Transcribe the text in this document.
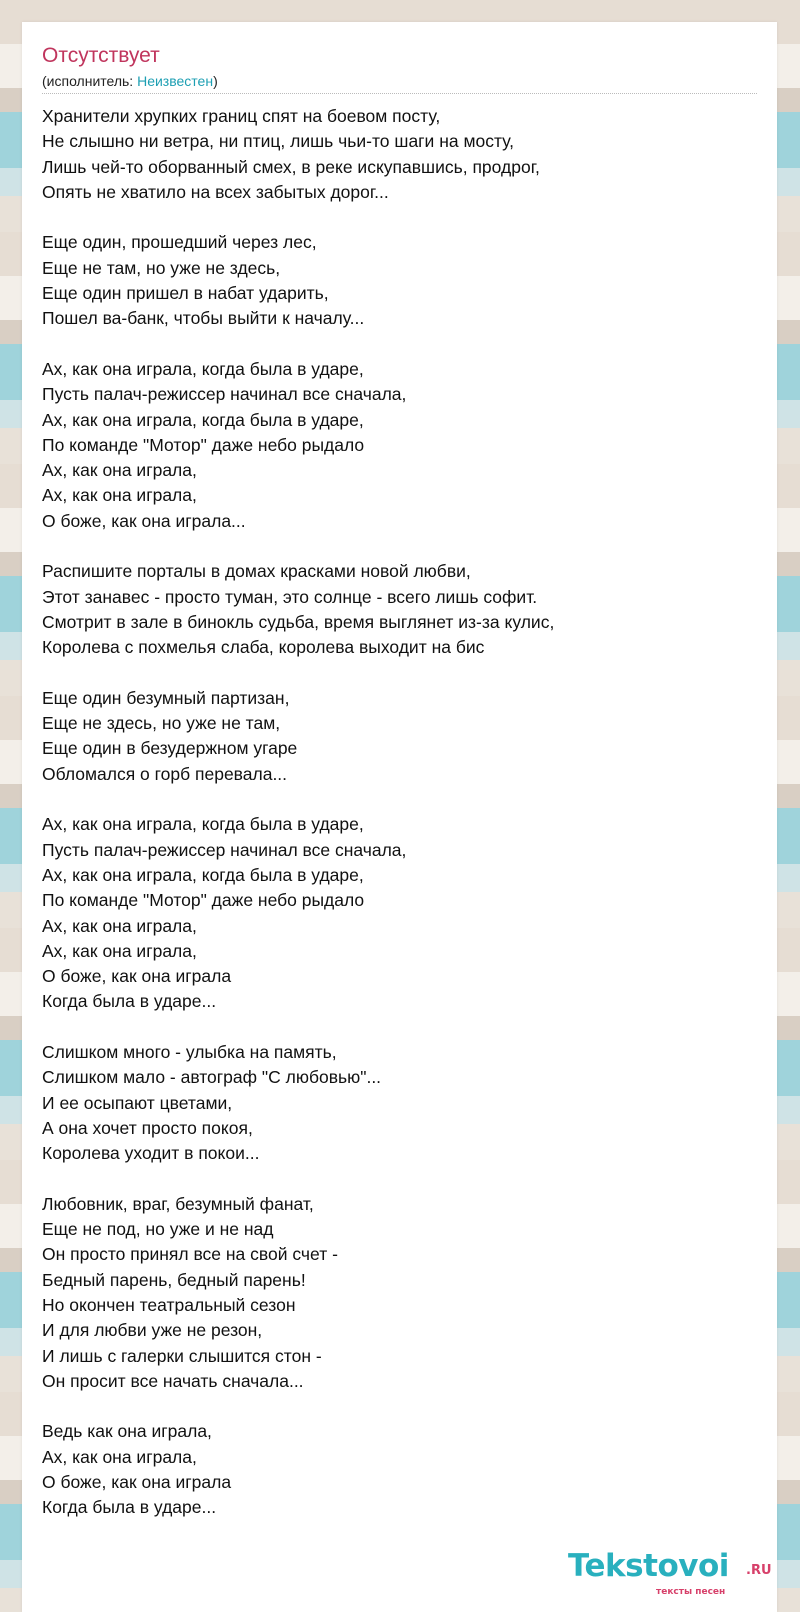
Отсутствует
(исполнитель: Неизвестен)
Хранители хрупких границ спят на боевом посту,
Не слышно ни ветра, ни птиц, лишь чьи-то шаги на мосту,
Лишь чей-то оборванный смех, в реке искупавшись, продрог,
Опять не хватило на всех забытых дорог...

Еще один, прошедший через лес,
Еще не там, но уже не здесь,
Еще один пришел в набат ударить,
Пошел ва-банк, чтобы выйти к началу...

Ах, как она играла, когда была в ударе,
Пусть палач-режиссер начинал все сначала,
Ах, как она играла, когда была в ударе,
По команде "Мотор" даже небо рыдало
Ах, как она играла,
Ах, как она играла,
О боже, как она играла...

Распишите порталы в домах красками новой любви,
Этот занавес - просто туман, это солнце - всего лишь софит.
Смотрит в зале в бинокль судьба, время выглянет из-за кулис,
Королева с похмелья слаба, королева выходит на бис

Еще один безумный партизан,
Еще не здесь, но уже не там,
Еще один в безудержном угаре
Обломался о горб перевала...

Ах, как она играла, когда была в ударе,
Пусть палач-режиссер начинал все сначала,
Ах, как она играла, когда была в ударе,
По команде "Мотор" даже небо рыдало
Ах, как она играла,
Ах, как она играла,
О боже, как она играла
Когда была в ударе...

Слишком много - улыбка на память,
Слишком мало - автограф "С любовью"...
И ее осыпают цветами,
А она хочет просто покоя,
Королева уходит в покои...

Любовник, враг, безумный фанат,
Еще не под, но уже и не над
Он просто принял все на свой счет -
Бедный парень, бедный парень!
Но окончен театральный сезон
И для любви уже не резон,
И лишь с галерки слышится стон -
Он просит все начать сначала...

Ведь как она играла,
Ах, как она играла,
О боже, как она играла
Когда была в ударе...
Tekstovoi .RU
тексты песен
